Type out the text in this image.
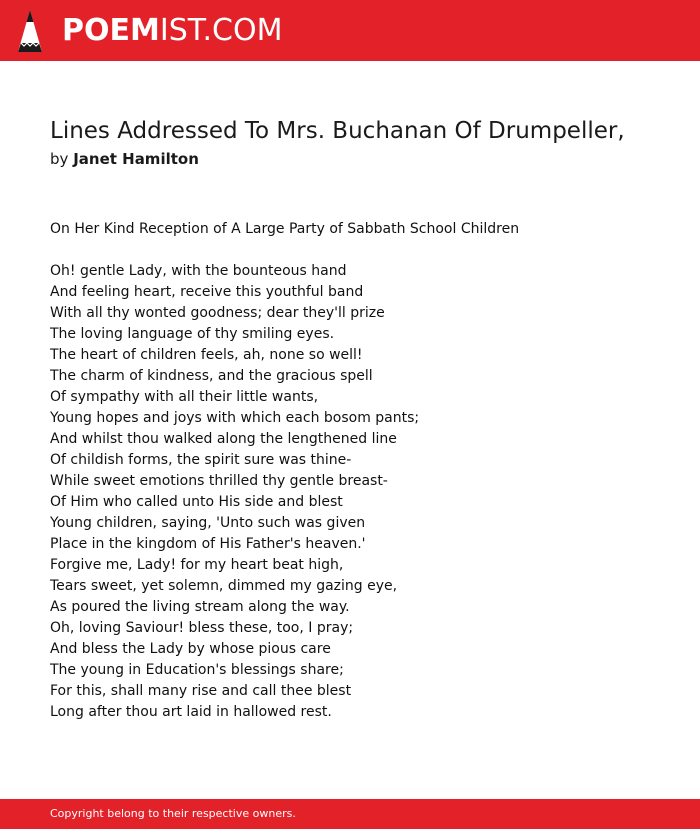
POEMIST.COM
Lines Addressed To Mrs. Buchanan Of Drumpeller,
by Janet Hamilton
On Her Kind Reception of A Large Party of Sabbath School Children
Oh! gentle Lady, with the bounteous hand
And feeling heart, receive this youthful band
With all thy wonted goodness; dear they'll prize
The loving language of thy smiling eyes.
The heart of children feels, ah, none so well!
The charm of kindness, and the gracious spell
Of sympathy with all their little wants,
Young hopes and joys with which each bosom pants;
And whilst thou walked along the lengthened line
Of childish forms, the spirit sure was thine-
While sweet emotions thrilled thy gentle breast-
Of Him who called unto His side and blest
Young children, saying, 'Unto such was given
Place in the kingdom of His Father's heaven.'
Forgive me, Lady! for my heart beat high,
Tears sweet, yet solemn, dimmed my gazing eye,
As poured the living stream along the way.
Oh, loving Saviour! bless these, too, I pray;
And bless the Lady by whose pious care
The young in Education's blessings share;
For this, shall many rise and call thee blest
Long after thou art laid in hallowed rest.
Copyright belong to their respective owners.
